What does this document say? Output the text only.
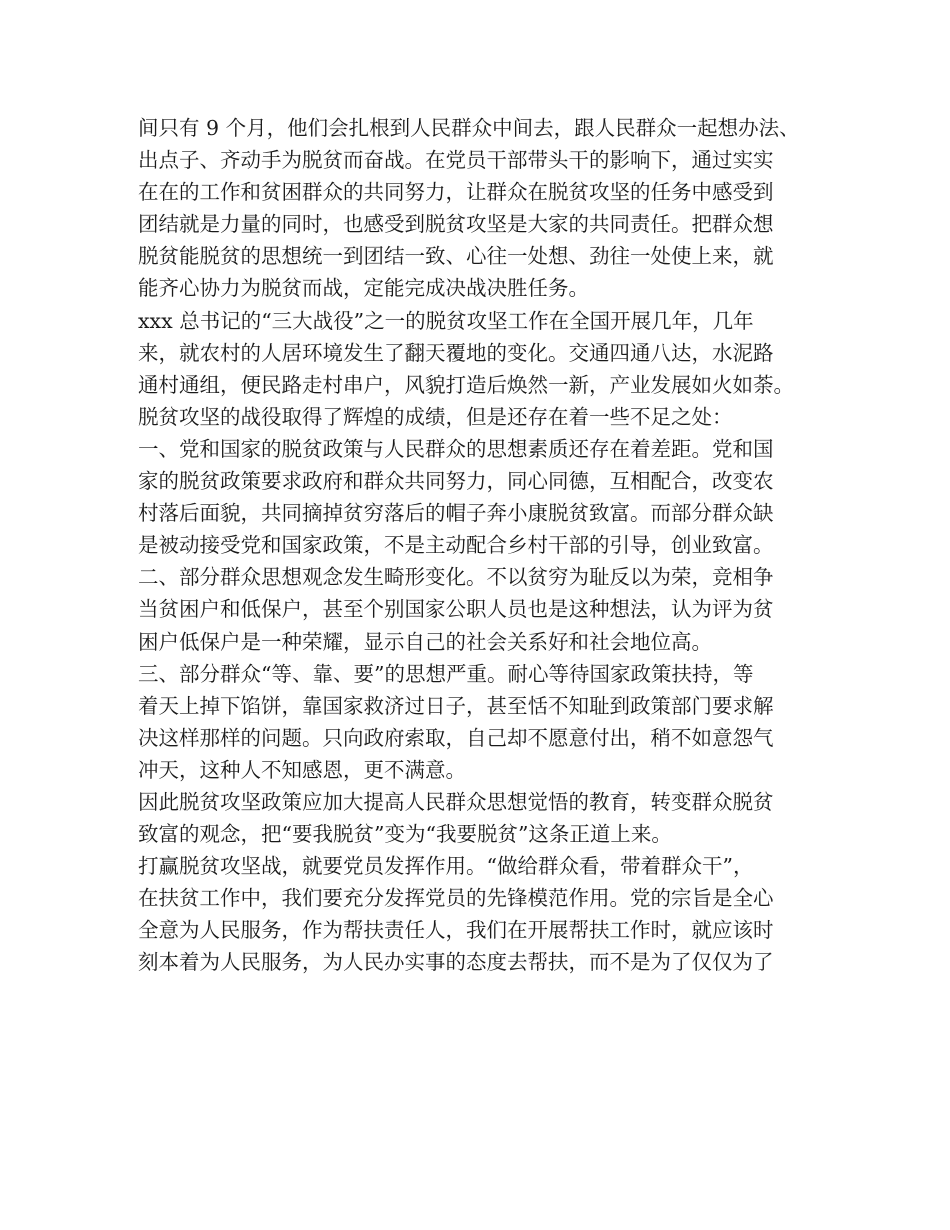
间只有 9 个月，他们会扎根到人民群众中间去，跟人民群众一起想办法、
出点子、齐动手为脱贫而奋战。在党员干部带头干的影响下，通过实实
在在的工作和贫困群众的共同努力，让群众在脱贫攻坚的任务中感受到
团结就是力量的同时，也感受到脱贫攻坚是大家的共同责任。把群众想
脱贫能脱贫的思想统一到团结一致、心往一处想、劲往一处使上来，就
能齐心协力为脱贫而战，定能完成决战决胜任务。
xxx 总书记的“三大战役”之一的脱贫攻坚工作在全国开展几年，几年
来，就农村的人居环境发生了翻天覆地的变化。交通四通八达，水泥路
通村通组，便民路走村串户，风貌打造后焕然一新，产业发展如火如荼。
脱贫攻坚的战役取得了辉煌的成绩，但是还存在着一些不足之处：
一、党和国家的脱贫政策与人民群众的思想素质还存在着差距。党和国
家的脱贫政策要求政府和群众共同努力，同心同德，互相配合，改变农
村落后面貌，共同摘掉贫穷落后的帽子奔小康脱贫致富。而部分群众缺
是被动接受党和国家政策，不是主动配合乡村干部的引导，创业致富。
二、部分群众思想观念发生畸形变化。不以贫穷为耻反以为荣，竞相争
当贫困户和低保户，甚至个别国家公职人员也是这种想法，认为评为贫
困户低保户是一种荣耀，显示自己的社会关系好和社会地位高。
三、部分群众“等、靠、要”的思想严重。耐心等待国家政策扶持，等
着天上掉下馅饼，靠国家救济过日子，甚至恬不知耻到政策部门要求解
决这样那样的问题。只向政府索取，自己却不愿意付出，稍不如意怨气
冲天，这种人不知感恩，更不满意。
因此脱贫攻坚政策应加大提高人民群众思想觉悟的教育，转变群众脱贫
致富的观念，把“要我脱贫”变为“我要脱贫”这条正道上来。
打赢脱贫攻坚战，就要党员发挥作用。“做给群众看，带着群众干”，
在扶贫工作中，我们要充分发挥党员的先锋模范作用。党的宗旨是全心
全意为人民服务，作为帮扶责任人，我们在开展帮扶工作时，就应该时
刻本着为人民服务，为人民办实事的态度去帮扶，而不是为了仅仅为了
